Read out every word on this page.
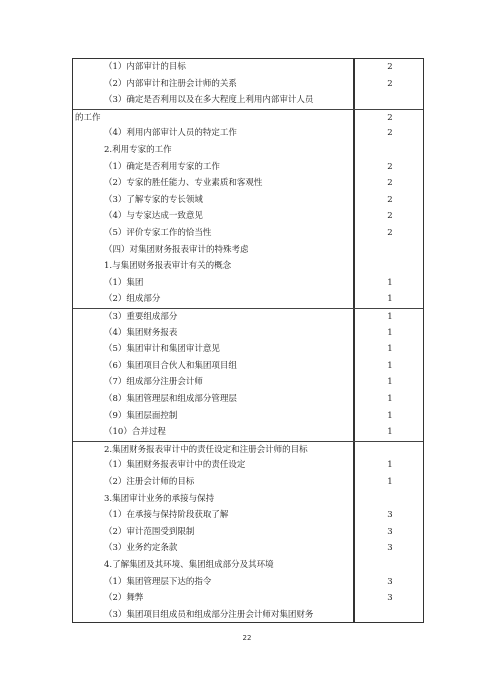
（1）内部审计的目标	2
（2）内部审计和注册会计师的关系	2
（3）确定是否利用以及在多大程度上利用内部审计人员
的工作	2
（4）利用内部审计人员的特定工作	2
2.利用专家的工作
（1）确定是否利用专家的工作	2
（2）专家的胜任能力、专业素质和客观性	2
（3）了解专家的专长领域	2
（4）与专家达成一致意见	2
（5）评价专家工作的恰当性	2
（四）对集团财务报表审计的特殊考虑
1.与集团财务报表审计有关的概念
（1）集团	1
（2）组成部分	1
（3）重要组成部分	1
（4）集团财务报表	1
（5）集团审计和集团审计意见	1
（6）集团项目合伙人和集团项目组	1
（7）组成部分注册会计师	1
（8）集团管理层和组成部分管理层	1
（9）集团层面控制	1
（10）合并过程	1
2.集团财务报表审计中的责任设定和注册会计师的目标
（1）集团财务报表审计中的责任设定	1
（2）注册会计师的目标	1
3.集团审计业务的承接与保持
（1）在承接与保持阶段获取了解	3
（2）审计范围受到限制	3
（3）业务约定条款	3
4.了解集团及其环境、集团组成部分及其环境
（1）集团管理层下达的指令	3
（2）舞弊	3
（3）集团项目组成员和组成部分注册会计师对集团财务
22
